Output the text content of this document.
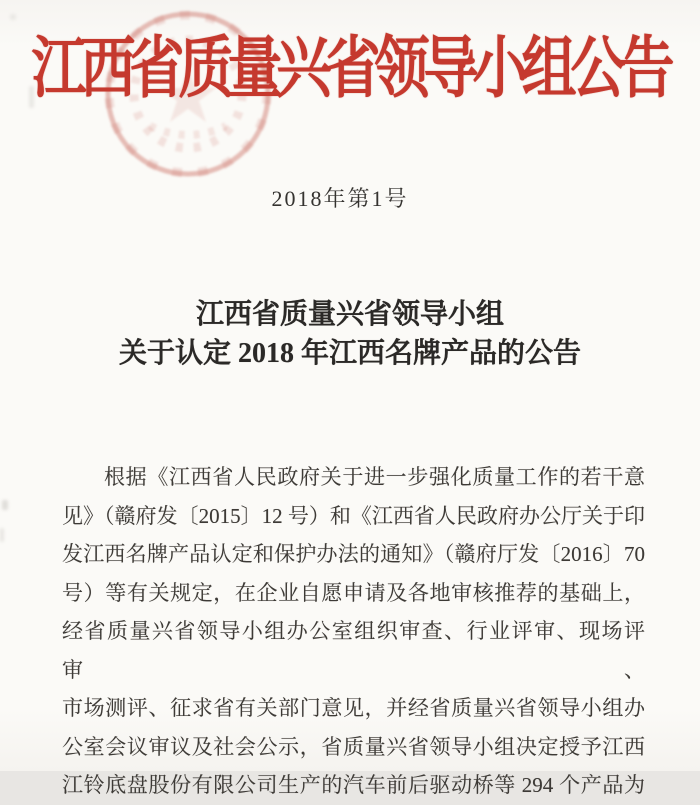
江西省质量兴省领导小组公告
2018年第1号
江西省质量兴省领导小组
关于认定 2018 年江西名牌产品的公告
根据《江西省人民政府关于进一步强化质量工作的若干意
见》（赣府发〔2015〕12 号）和《江西省人民政府办公厅关于印
发江西名牌产品认定和保护办法的通知》（赣府厅发〔2016〕70
号）等有关规定，在企业自愿申请及各地审核推荐的基础上，
经省质量兴省领导小组办公室组织审查、行业评审、现场评审、
市场测评、征求省有关部门意见，并经省质量兴省领导小组办
公室会议审议及社会公示，省质量兴省领导小组决定授予江西
江铃底盘股份有限公司生产的汽车前后驱动桥等 294 个产品为
